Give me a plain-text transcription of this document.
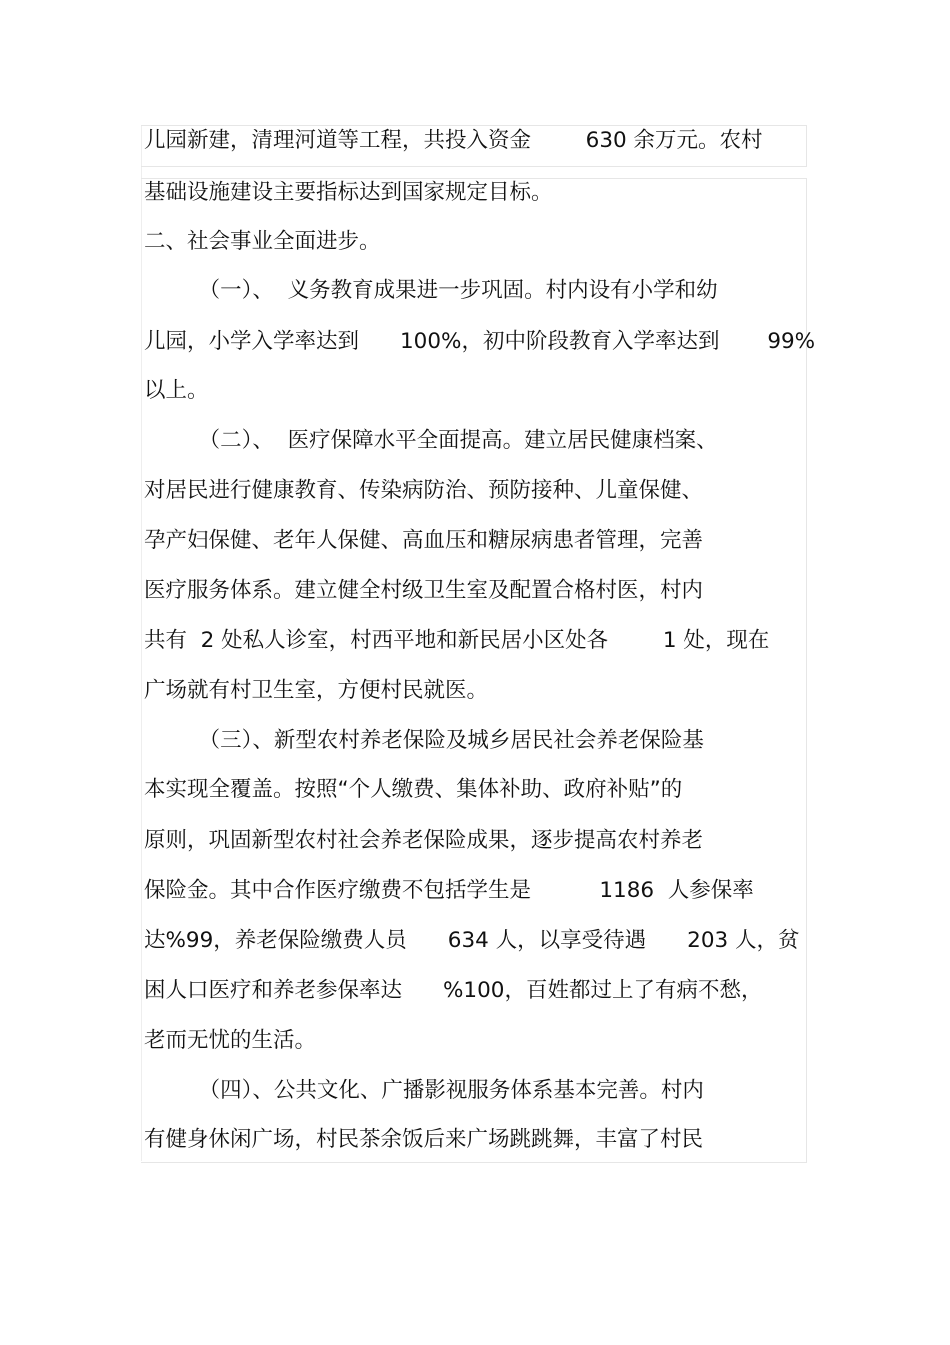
儿园新建，清理河道等工程，共投入资金        630 余万元。农村
基础设施建设主要指标达到国家规定目标。
二、社会事业全面进步。
（一）、  义务教育成果进一步巩固。村内设有小学和幼
儿园，小学入学率达到      100%，初中阶段教育入学率达到       99%
以上。
（二）、  医疗保障水平全面提高。建立居民健康档案、
对居民进行健康教育、传染病防治、预防接种、儿童保健、
孕产妇保健、老年人保健、高血压和糖尿病患者管理，完善
医疗服务体系。建立健全村级卫生室及配置合格村医，村内
共有  2 处私人诊室，村西平地和新民居小区处各        1 处，现在
广场就有村卫生室，方便村民就医。
（三）、新型农村养老保险及城乡居民社会养老保险基
本实现全覆盖。按照“个人缴费、集体补助、政府补贴”的
原则，巩固新型农村社会养老保险成果，逐步提高农村养老
保险金。其中合作医疗缴费不包括学生是          1186  人参保率
达%99，养老保险缴费人员      634 人，以享受待遇      203 人，贫
困人口医疗和养老参保率达      %100，百姓都过上了有病不愁，
老而无忧的生活。
（四）、公共文化、广播影视服务体系基本完善。村内
有健身休闲广场，村民茶余饭后来广场跳跳舞，丰富了村民
